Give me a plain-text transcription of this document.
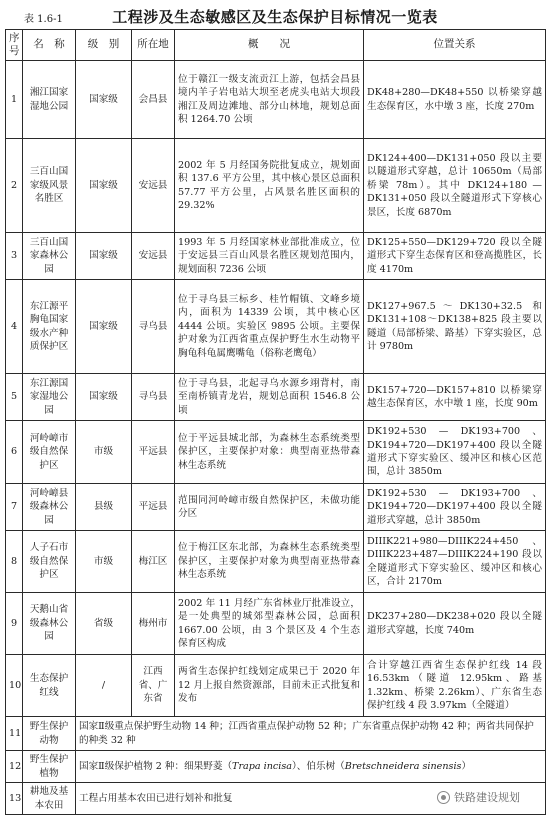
表 1.6-1	工程涉及生态敏感区及生态保护目标情况一览表
序号	名　称	级　别	所在地	概　　况	位置关系
1	湘江国家湿地公园	国家级	会昌县	位于赣江一级支流贡江上游，包括会昌县境内羊子岩电站大坝至老虎头电站大坝段湘江及周边滩地、部分山林地，规划总面积 1264.70 公顷	DK48+280—DK48+550 以桥梁穿越生态保育区，水中墩 3 座，长度 270m
2	三百山国家级风景名胜区	国家级	安远县	2002 年 5 月经国务院批复成立，规划面积 137.6 平方公里，其中核心景区总面积 57.77 平方公里，占风景名胜区面积的 29.32%	DK124+400—DK131+050 段以主要以隧道形式穿越，总计 10650m（局部桥梁 78m）。其中 DK124+180 — DK131+050 段以全隧道形式下穿核心景区，长度 6870m
3	三百山国家森林公园	国家级	安远县	1993 年 5 月经国家林业部批准成立，位于安远县三百山风景名胜区规划范围内，规划面积 7236 公顷	DK125+550—DK129+720 段以全隧道形式下穿生态保育区和登高揽胜区，长度 4170m
4	东江源平胸龟国家级水产种质保护区	国家级	寻乌县	位于寻乌县三标乡、桂竹帽镇、文峰乡境内，面积为 14339 公顷，其中核心区 4444 公顷。实验区 9895 公顷。主要保护对象为江西省重点保护野生水生动物平胸龟科龟属鹰嘴龟（俗称老鹰龟）	DK127+967.5～DK130+32.5 和 DK131+108～DK138+825 段主要以隧道（局部桥梁、路基）下穿实验区，总计 9780m
5	东江源国家湿地公园	国家级	寻乌县	位于寻乌县，北起寻乌水源乡翊背村，南至南桥镇青龙岩，规划总面积 1546.8 公顷	DK157+720—DK157+810 以桥梁穿越生态保育区，水中墩 1 座，长度 90m
6	河岭嶂市级自然保护区	市级	平远县	位于平远县城北部，为森林生态系统类型保护区，主要保护对象：典型南亚热带森林生态系统	DK192+530 — DK193+700 、DK194+720—DK197+400 段以全隧道形式下穿实验区、缓冲区和核心区范围，总计 3850m
7	河岭嶂县级森林公园	县级	平远县	范围同河岭嶂市级自然保护区，未做功能分区	DK192+530 — DK193+700 、DK194+720—DK197+400 段以全隧道形式穿越，总计 3850m
8	人子石市级自然保护区	市级	梅江区	位于梅江区东北部，为森林生态系统类型保护区，主要保护对象为典型南亚热带森林生态系统	DIIIK221+980—DIIIK224+450、DIIIK223+487—DIIIK224+190 段以全隧道形式下穿实验区、缓冲区和核心区，合计 2170m
9	天鹅山省级森林公园	省级	梅州市	2002 年 11 月经广东省林业厅批准设立，是一处典型的城郊型森林公园，总面积 1667.00 公顷，由 3 个景区及 4 个生态保育区构成	DK237+280—DK238+020 段以全隧道形式穿越，长度 740m
10	生态保护红线	/	江西省、广东省	两省生态保护红线划定成果已于 2020 年 12 月上报自然资源部，目前未正式批复和发布	合计穿越江西省生态保护红线 14 段 16.53km（隧道 12.95km、路基 1.32km、桥梁 2.26km）、广东省生态保护红线 4 段 3.97km（全隧道）
11	野生保护动物	国家Ⅱ级重点保护野生动物 14 种；江西省重点保护动物 52 种；广东省重点保护动物 42 种；两省共同保护的种类 32 种			
12	野生保护植物	国家Ⅱ级保护植物 2 种：细果野菱（Trapa incisa）、伯乐树（Bretschneidera sinensis）			
13	耕地及基本农田	工程占用基本农田已进行划补和批复				铁路建设规划
